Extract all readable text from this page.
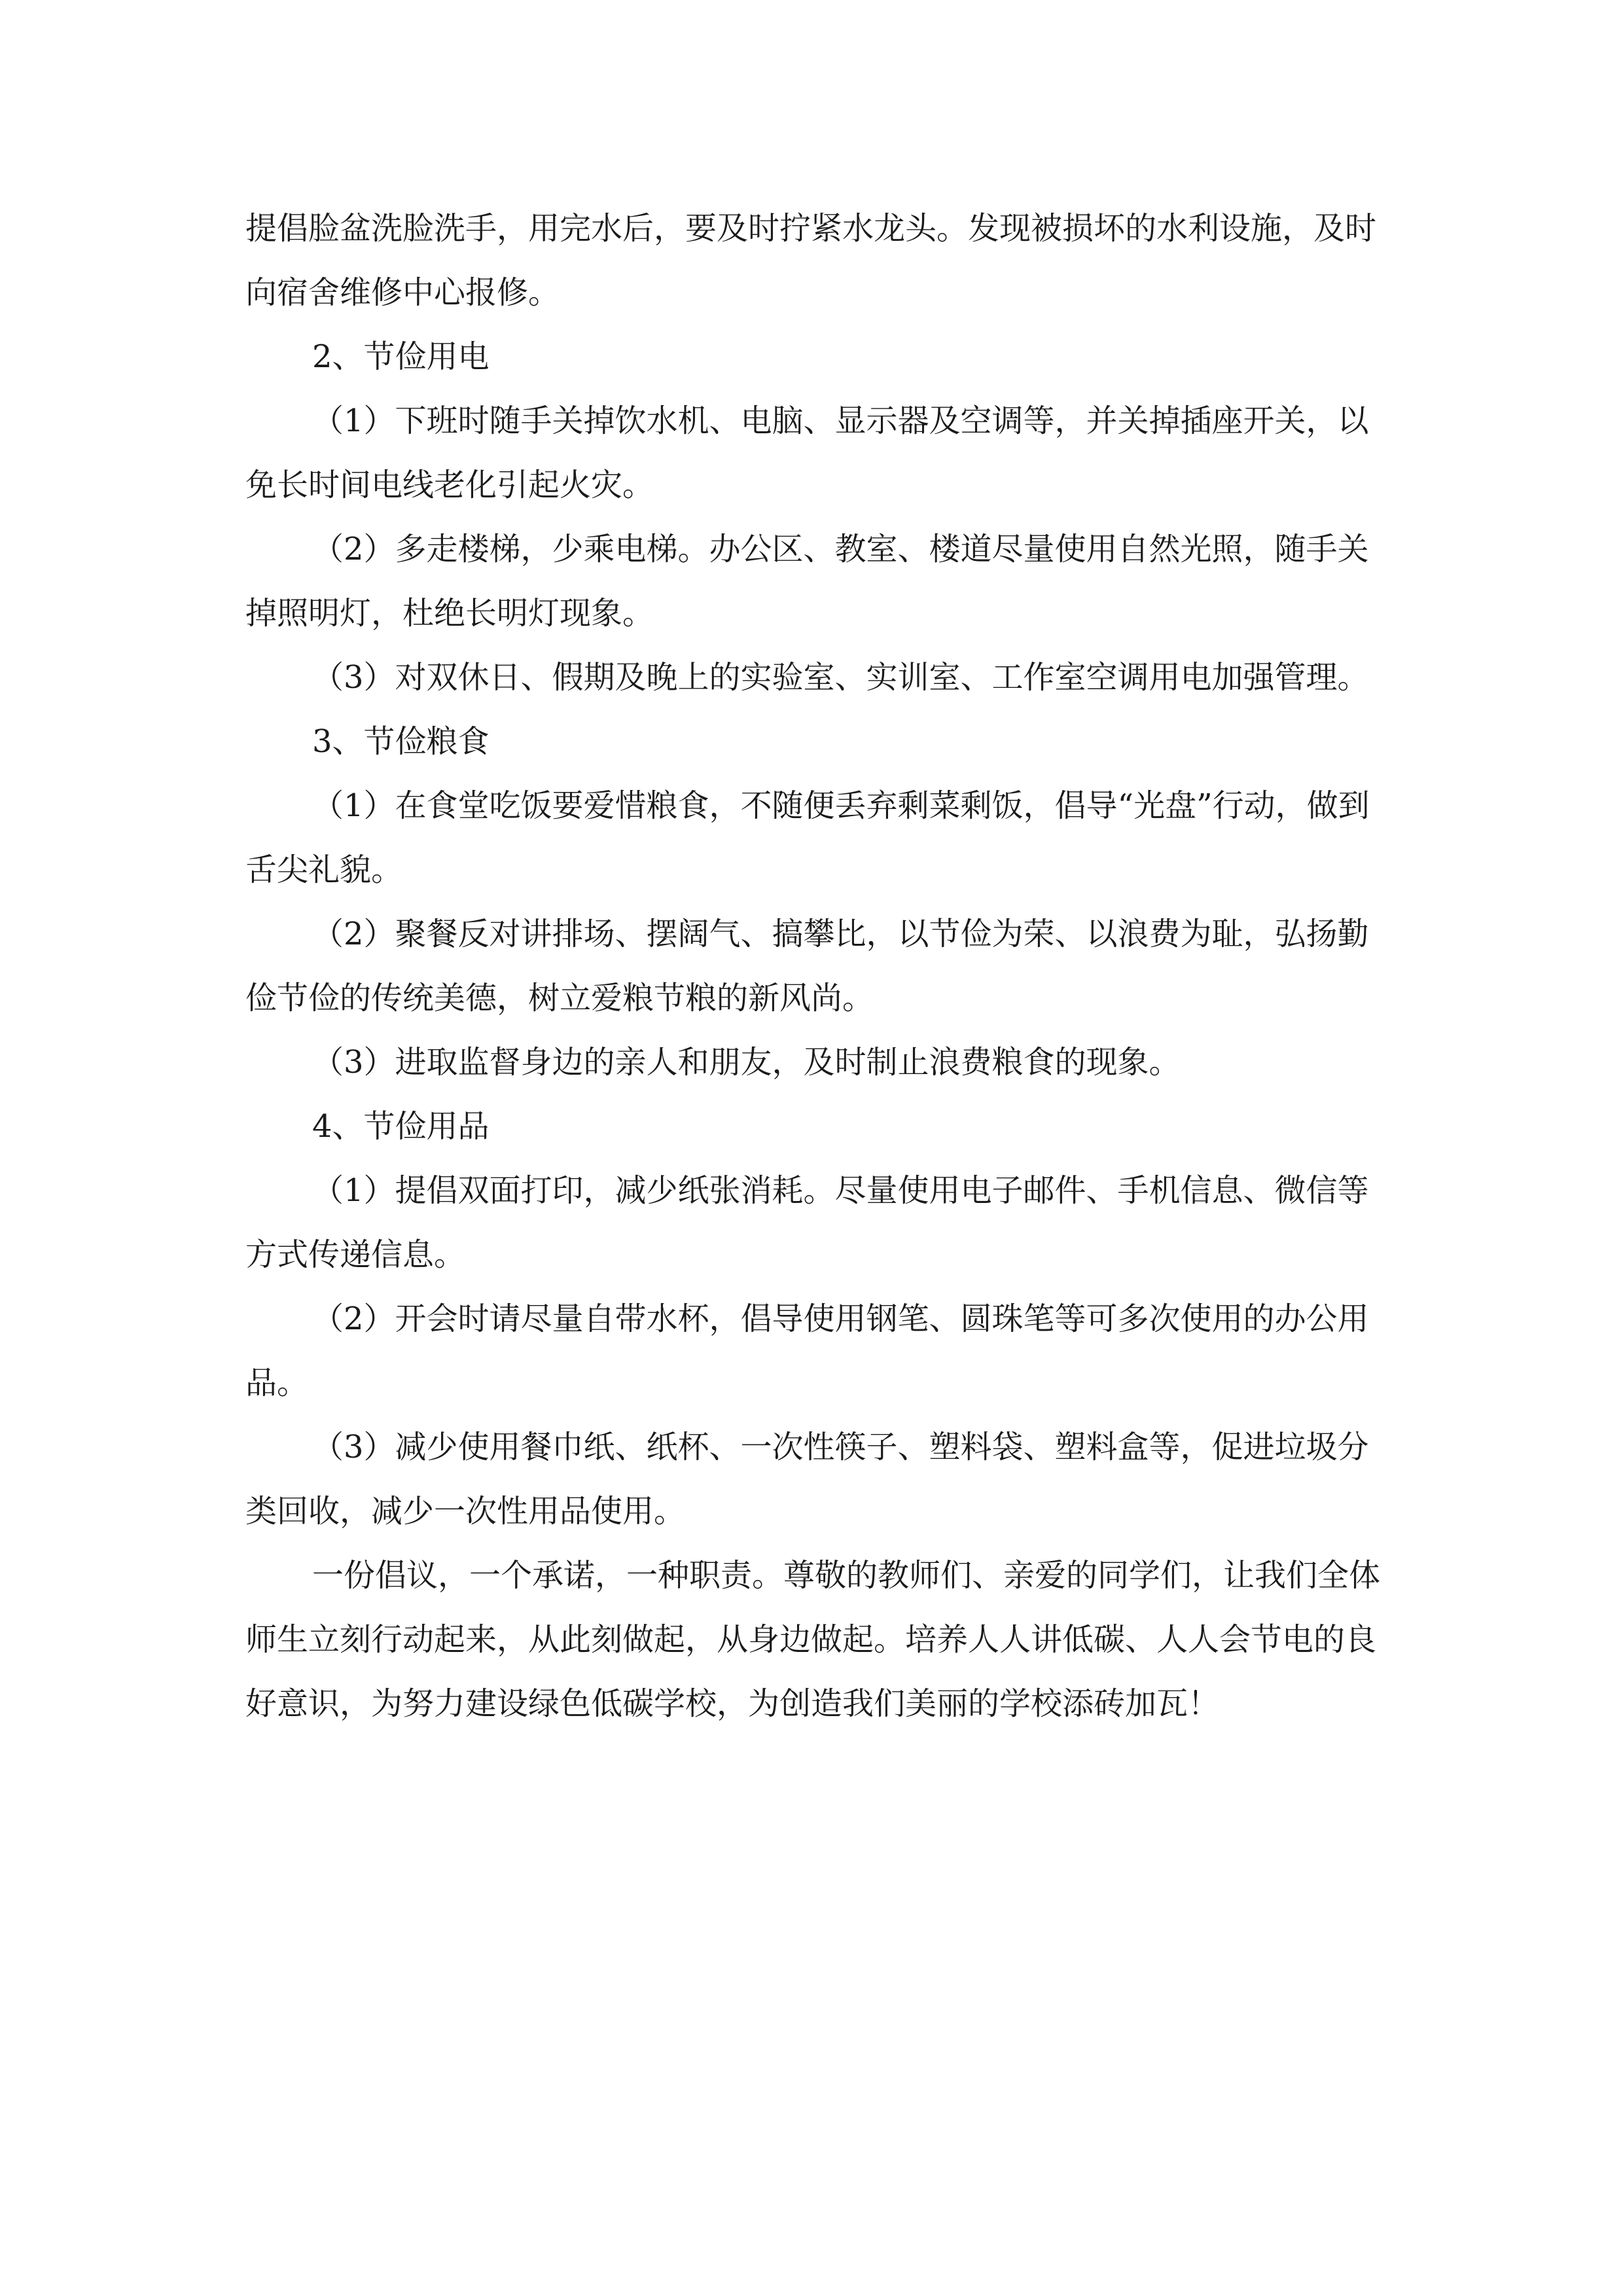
提倡脸盆洗脸洗手，用完水后，要及时拧紧水龙头。发现被损坏的水利设施，及时向宿舍维修中心报修。

2、节俭用电

（1）下班时随手关掉饮水机、电脑、显示器及空调等，并关掉插座开关，以免长时间电线老化引起火灾。

（2）多走楼梯，少乘电梯。办公区、教室、楼道尽量使用自然光照，随手关掉照明灯，杜绝长明灯现象。

（3）对双休日、假期及晚上的实验室、实训室、工作室空调用电加强管理。

3、节俭粮食

（1）在食堂吃饭要爱惜粮食，不随便丢弃剩菜剩饭，倡导“光盘”行动，做到舌尖礼貌。

（2）聚餐反对讲排场、摆阔气、搞攀比，以节俭为荣、以浪费为耻，弘扬勤俭节俭的传统美德，树立爱粮节粮的新风尚。

（3）进取监督身边的亲人和朋友，及时制止浪费粮食的现象。

4、节俭用品

（1）提倡双面打印，减少纸张消耗。尽量使用电子邮件、手机信息、微信等方式传递信息。

（2）开会时请尽量自带水杯，倡导使用钢笔、圆珠笔等可多次使用的办公用品。

（3）减少使用餐巾纸、纸杯、一次性筷子、塑料袋、塑料盒等，促进垃圾分类回收，减少一次性用品使用。

一份倡议，一个承诺，一种职责。尊敬的教师们、亲爱的同学们，让我们全体师生立刻行动起来，从此刻做起，从身边做起。培养人人讲低碳、人人会节电的良好意识，为努力建设绿色低碳学校，为创造我们美丽的学校添砖加瓦！
